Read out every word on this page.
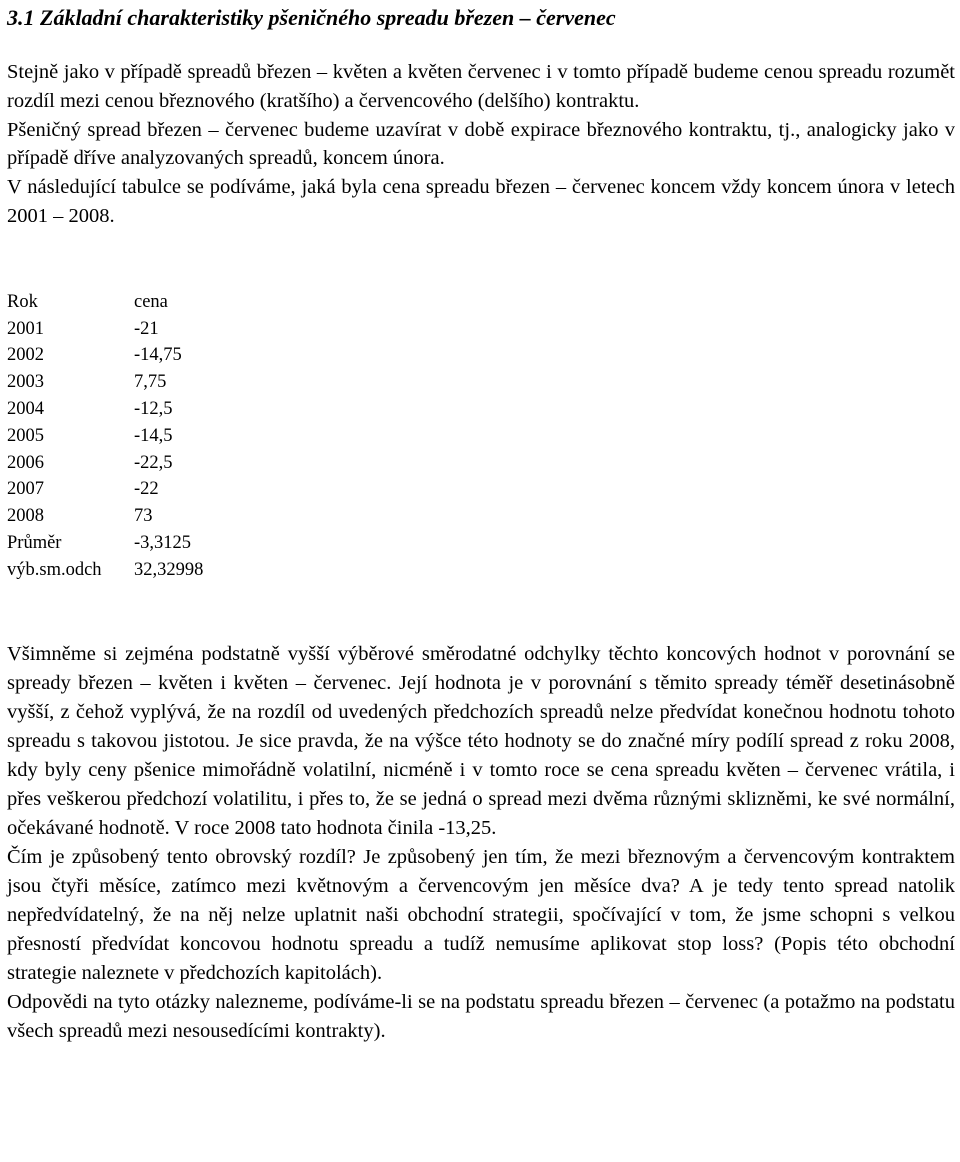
3.1 Základní charakteristiky pšeničného spreadu březen – červenec

Stejně jako v případě spreadů březen – květen a květen červenec i v tomto případě budeme cenou spreadu rozumět rozdíl mezi cenou březnového (kratšího) a červencového (delšího) kontraktu.

Pšeničný spread březen – červenec budeme uzavírat v době expirace březnového kontraktu, tj., analogicky jako v případě dříve analyzovaných spreadů, koncem února.

V následující tabulce se podíváme, jaká byla cena spreadu březen – červenec koncem vždy koncem února v letech 2001 – 2008.

Rok	cena
2001	-21
2002	-14,75
2003	7,75
2004	-12,5
2005	-14,5
2006	-22,5
2007	-22
2008	73
Průměr	-3,3125
výb.sm.odch	32,32998

Všimněme si zejména podstatně vyšší výběrové směrodatné odchylky těchto koncových hodnot v porovnání se spready březen – květen i květen – červenec. Její hodnota je v porovnání s těmito spready téměř desetinásobně vyšší, z čehož vyplývá, že na rozdíl od uvedených předchozích spreadů nelze předvídat konečnou hodnotu tohoto spreadu s takovou jistotou. Je sice pravda, že na výšce této hodnoty se do značné míry podílí spread z roku 2008, kdy byly ceny pšenice mimořádně volatilní, nicméně i v tomto roce se cena spreadu květen – červenec vrátila, i přes veškerou předchozí volatilitu, i přes to, že se jedná o spread mezi dvěma různými sklizněmi, ke své normální, očekávané hodnotě. V roce 2008 tato hodnota činila -13,25.

Čím je způsobený tento obrovský rozdíl? Je způsobený jen tím, že mezi březnovým a červencovým kontraktem jsou čtyři měsíce, zatímco mezi květnovým a červencovým jen měsíce dva? A je tedy tento spread natolik nepředvídatelný, že na něj nelze uplatnit naši obchodní strategii, spočívající v tom, že jsme schopni s velkou přesností předvídat koncovou hodnotu spreadu a tudíž nemusíme aplikovat stop loss? (Popis této obchodní strategie naleznete v předchozích kapitolách).

Odpovědi na tyto otázky nalezneme, podíváme-li se na podstatu spreadu březen – červenec (a potažmo na podstatu všech spreadů mezi nesousedícími kontrakty).
